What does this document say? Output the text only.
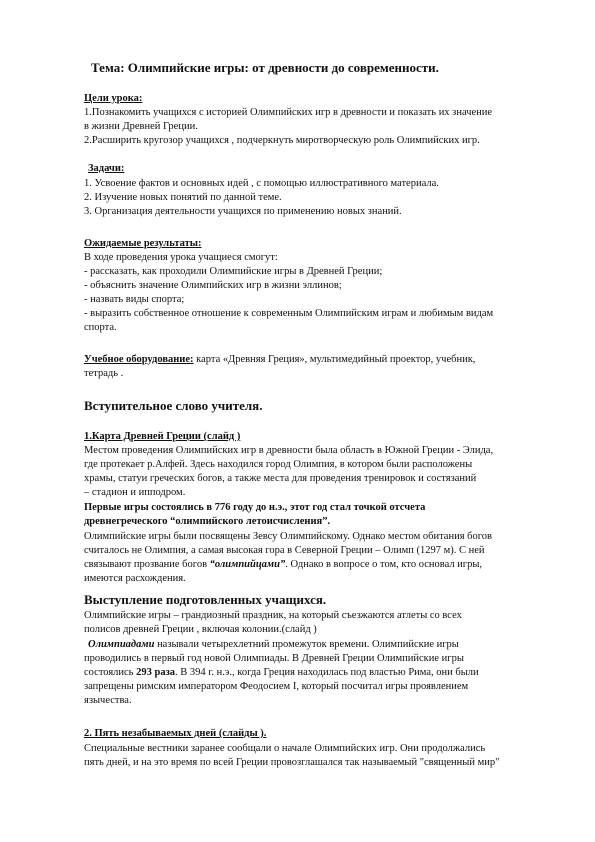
Тема: Олимпийские игры: от древности до современности.
Цели урока:
1.Познакомить учащихся с историей Олимпийских игр в древности и показать их значение
в жизни Древней Греции.
2.Расширить кругозор учащихся , подчеркнуть миротворческую роль Олимпийских игр.
Задачи:
1. Усвоение фактов и основных идей , с помощью иллюстративного материала.
2. Изучение новых понятий по данной теме.
3. Организация деятельности учащихся по применению новых знаний.
Ожидаемые результаты:
В ходе проведения урока учащиеся смогут:
- рассказать, как проходили Олимпийские игры в Древней Греции;
- объяснить значение Олимпийских игр в жизни эллинов;
- назвать виды спорта;
- выразить собственное отношение к современным Олимпийским играм и любимым видам
спорта.
Учебное оборудование: карта «Древняя Греция», мультимедийный проектор, учебник,
тетрадь .
Вступительное слово учителя.
1.Карта Древней Греции (слайд )
Местом проведения Олимпийских игр в древности была область в Южной Греции - Элида,
где протекает р.Алфей. Здесь находился город Олимпия, в котором были расположены
храмы, статуи греческих богов, а также места для проведения тренировок и состязаний
– стадион и ипподром.
Первые игры состоялись в 776 году до н.э., этот год стал точкой отсчета
древнегреческого “олимпийского летоисчисления”.
Олимпийские игры были посвящены Зевсу Олимпийскому. Однако местом обитания богов
считалось не Олимпия, а самая высокая гора в Северной Греции – Олимп (1297 м). С ней
связывают прозвание богов “олимпийцами”. Однако в вопросе о том, кто основал игры,
имеются расхождения.
Выступление подготовленных учащихся.
Олимпийские игры – грандиозный праздник, на который съезжаются атлеты со всех
полисов древней Греции , включая колонии.(слайд )
Олимпиадами называли четырехлетний промежуток времени. Олимпийские игры
проводились в первый год новой Олимпиады. В Древней Греции Олимпийские игры
состоялись 293 раза. В 394 г. н.э., когда Греция находилась под властью Рима, они были
запрещены римским императором Феодосием I, который посчитал игры проявлением
язычества.
2. Пять незабываемых дней (слайды ).
Специальные вестники заранее сообщали о начале Олимпийских игр. Они продолжались
пять дней, и на это время по всей Греции провозглашался так называемый "священный мир"
